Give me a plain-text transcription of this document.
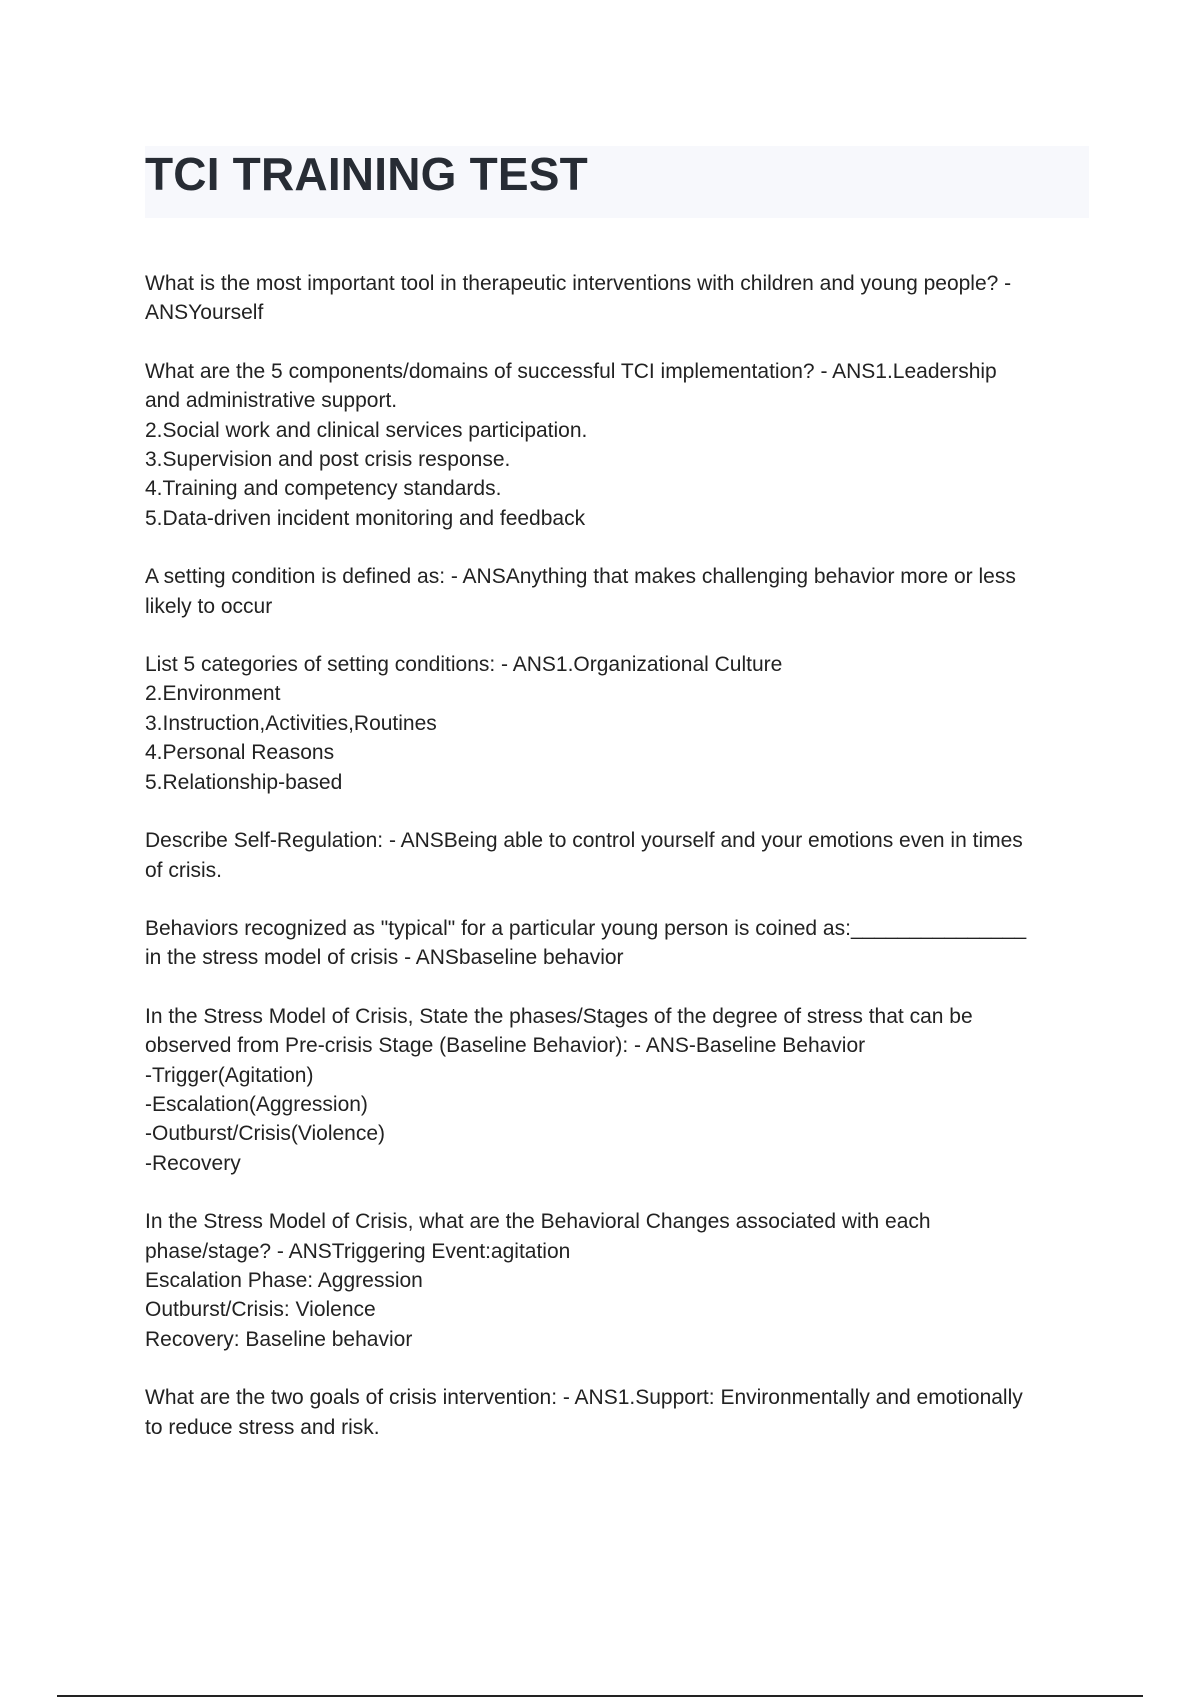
TCI TRAINING TEST

What is the most important tool in therapeutic interventions with children and young people? -
ANSYourself

What are the 5 components/domains of successful TCI implementation? - ANS1.Leadership
and administrative support.
2.Social work and clinical services participation.
3.Supervision and post crisis response.
4.Training and competency standards.
5.Data-driven incident monitoring and feedback

A setting condition is defined as: - ANSAnything that makes challenging behavior more or less
likely to occur

List 5 categories of setting conditions: - ANS1.Organizational Culture
2.Environment
3.Instruction,Activities,Routines
4.Personal Reasons
5.Relationship-based

Describe Self-Regulation: - ANSBeing able to control yourself and your emotions even in times
of crisis.

Behaviors recognized as "typical" for a particular young person is coined as:_______________
in the stress model of crisis - ANSbaseline behavior

In the Stress Model of Crisis, State the phases/Stages of the degree of stress that can be
observed from Pre-crisis Stage (Baseline Behavior): - ANS-Baseline Behavior
-Trigger(Agitation)
-Escalation(Aggression)
-Outburst/Crisis(Violence)
-Recovery

In the Stress Model of Crisis, what are the Behavioral Changes associated with each
phase/stage? - ANSTriggering Event:agitation
Escalation Phase: Aggression
Outburst/Crisis: Violence
Recovery: Baseline behavior

What are the two goals of crisis intervention: - ANS1.Support: Environmentally and emotionally
to reduce stress and risk.
